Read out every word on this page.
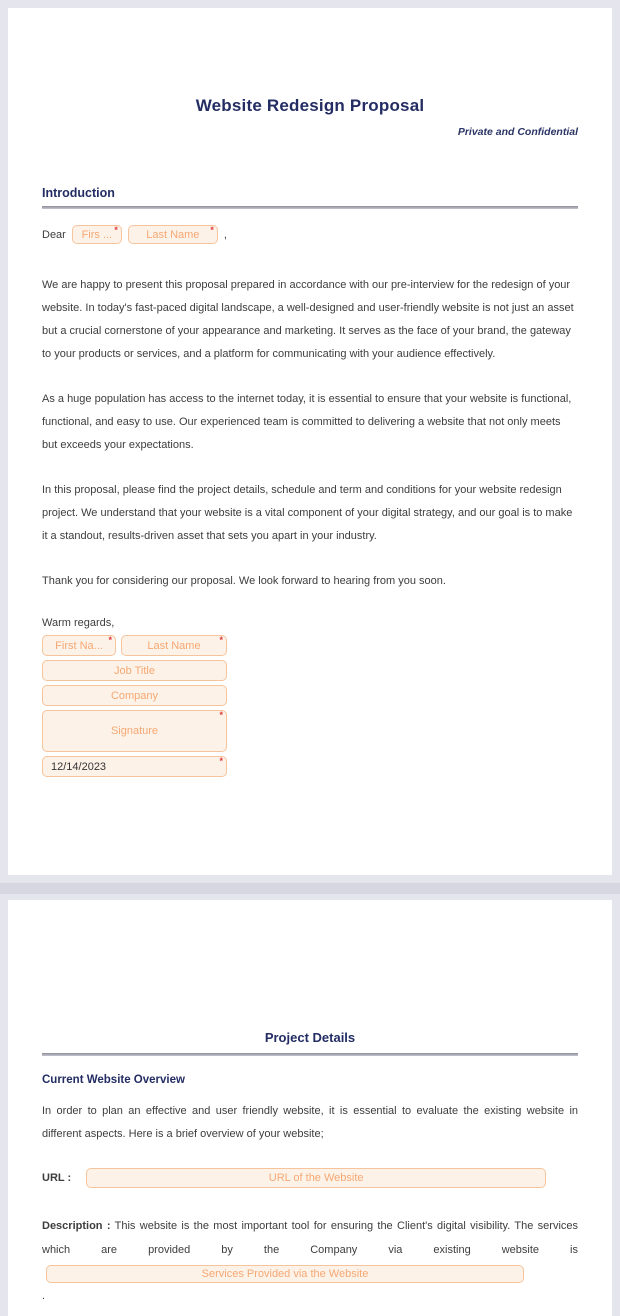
Website Redesign Proposal
Private and Confidential
Introduction
Dear Firs ... *	Last Name * ,

We are happy to present this proposal prepared in accordance with our pre-interview for the redesign of your website. In today's fast-paced digital landscape, a well-designed and user-friendly website is not just an asset but a crucial cornerstone of your appearance and marketing. It serves as the face of your brand, the gateway to your products or services, and a platform for communicating with your audience effectively.

As a huge population has access to the internet today, it is essential to ensure that your website is functional, functional, and easy to use. Our experienced team is committed to delivering a website that not only meets but exceeds your expectations.

In this proposal, please find the project details, schedule and term and conditions for your website redesign project. We understand that your website is a vital component of your digital strategy, and our goal is to make it a standout, results-driven asset that sets you apart in your industry.

Thank you for considering our proposal. We look forward to hearing from you soon.

Warm regards,
First Na... *	Last Name *
Job Title
Company
Signature
*
12/14/2023	*
Project Details
Current Website Overview

In order to plan an effective and user friendly website, it is essential to evaluate the existing website in different aspects. Here is a brief overview of your website;

URL :	URL of the Website
Description : This website is the most important tool for ensuring the Client's digital visibility. The services which are provided by the Company via existing website is
Services Provided via the Website
.
